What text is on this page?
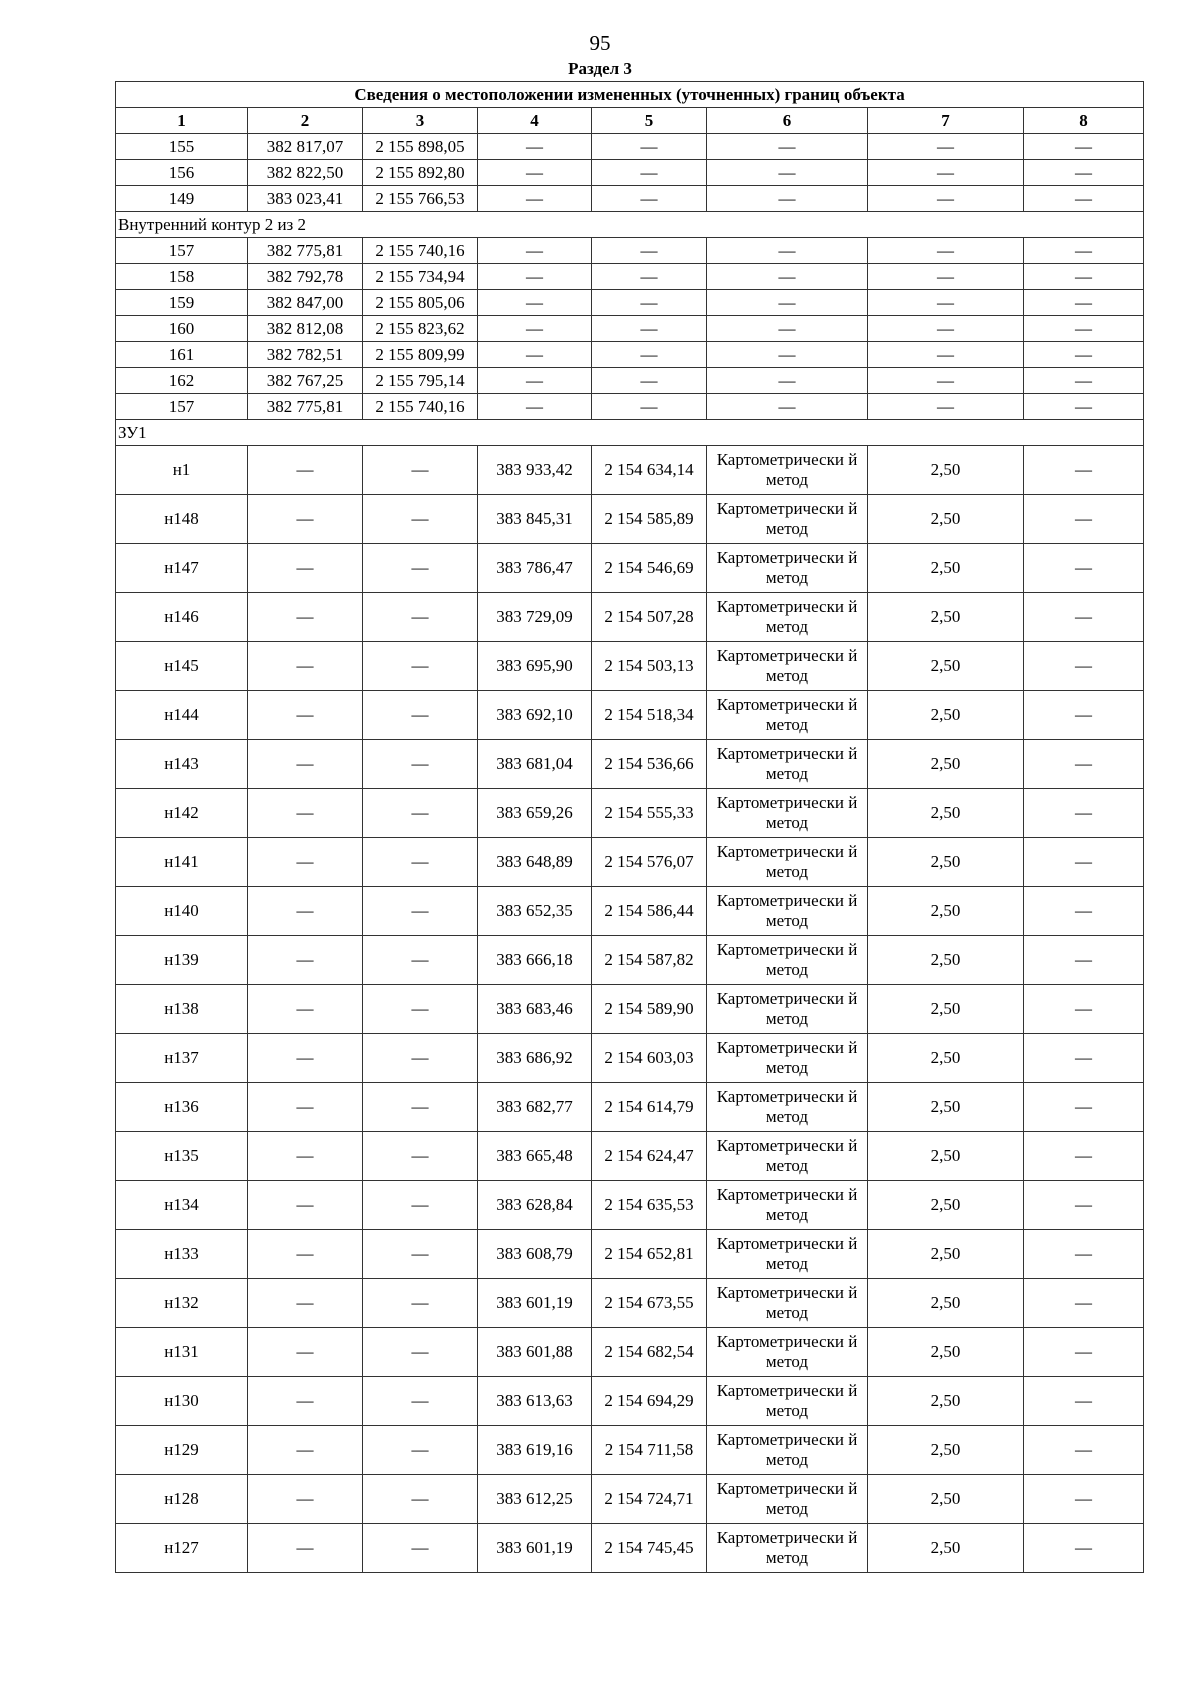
95
Раздел 3
Сведения о местоположении измененных (уточненных) границ объекта							
1	2	3	4	5	6	7	8
155	382 817,07	2 155 898,05	—	—	—	—	—
156	382 822,50	2 155 892,80	—	—	—	—	—
149	383 023,41	2 155 766,53	—	—	—	—	—
Внутренний контур 2 из 2							
157	382 775,81	2 155 740,16	—	—	—	—	—
158	382 792,78	2 155 734,94	—	—	—	—	—
159	382 847,00	2 155 805,06	—	—	—	—	—
160	382 812,08	2 155 823,62	—	—	—	—	—
161	382 782,51	2 155 809,99	—	—	—	—	—
162	382 767,25	2 155 795,14	—	—	—	—	—
157	382 775,81	2 155 740,16	—	—	—	—	—
ЗУ1							
н1	—	—	383 933,42	2 154 634,14	Картометрически й метод	2,50	—
н148	—	—	383 845,31	2 154 585,89	Картометрически й метод	2,50	—
н147	—	—	383 786,47	2 154 546,69	Картометрически й метод	2,50	—
н146	—	—	383 729,09	2 154 507,28	Картометрически й метод	2,50	—
н145	—	—	383 695,90	2 154 503,13	Картометрически й метод	2,50	—
н144	—	—	383 692,10	2 154 518,34	Картометрически й метод	2,50	—
н143	—	—	383 681,04	2 154 536,66	Картометрически й метод	2,50	—
н142	—	—	383 659,26	2 154 555,33	Картометрически й метод	2,50	—
н141	—	—	383 648,89	2 154 576,07	Картометрически й метод	2,50	—
н140	—	—	383 652,35	2 154 586,44	Картометрически й метод	2,50	—
н139	—	—	383 666,18	2 154 587,82	Картометрически й метод	2,50	—
н138	—	—	383 683,46	2 154 589,90	Картометрически й метод	2,50	—
н137	—	—	383 686,92	2 154 603,03	Картометрически й метод	2,50	—
н136	—	—	383 682,77	2 154 614,79	Картометрически й метод	2,50	—
н135	—	—	383 665,48	2 154 624,47	Картометрически й метод	2,50	—
н134	—	—	383 628,84	2 154 635,53	Картометрически й метод	2,50	—
н133	—	—	383 608,79	2 154 652,81	Картометрически й метод	2,50	—
н132	—	—	383 601,19	2 154 673,55	Картометрически й метод	2,50	—
н131	—	—	383 601,88	2 154 682,54	Картометрически й метод	2,50	—
н130	—	—	383 613,63	2 154 694,29	Картометрически й метод	2,50	—
н129	—	—	383 619,16	2 154 711,58	Картометрически й метод	2,50	—
н128	—	—	383 612,25	2 154 724,71	Картометрически й метод	2,50	—
н127	—	—	383 601,19	2 154 745,45	Картометрически й метод	2,50	—
